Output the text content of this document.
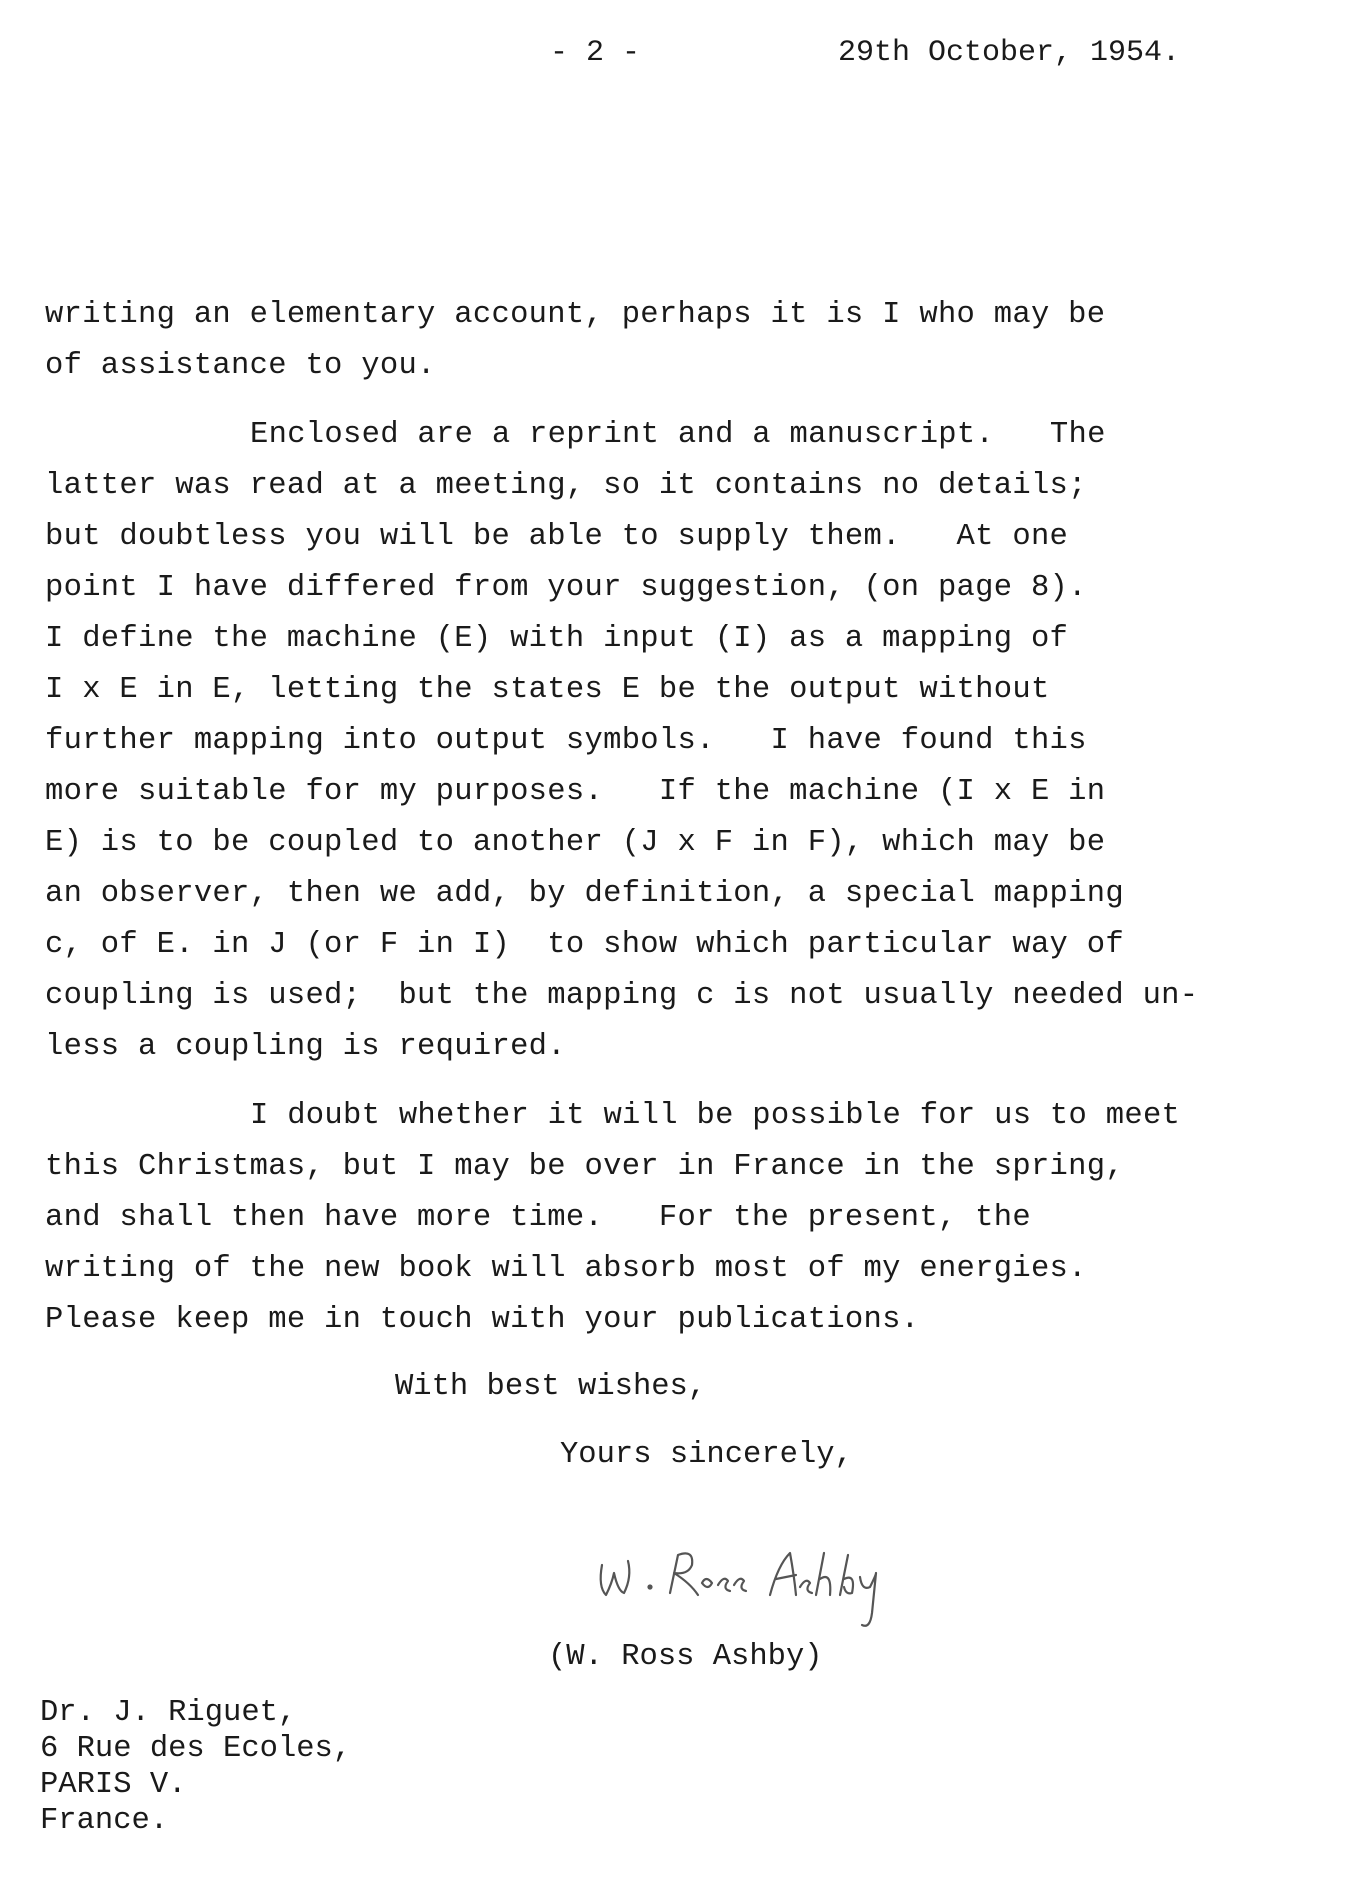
- 2 -	29th October, 1954.
writing an elementary account, perhaps it is I who may be
of assistance to you.
Enclosed are a reprint and a manuscript.   The
latter was read at a meeting, so it contains no details;
but doubtless you will be able to supply them.   At one
point I have differed from your suggestion, (on page 8).
I define the machine (E) with input (I) as a mapping of
I x E in E, letting the states E be the output without
further mapping into output symbols.   I have found this
more suitable for my purposes.   If the machine (I x E in
E) is to be coupled to another (J x F in F), which may be
an observer, then we add, by definition, a special mapping
c, of E. in J (or F in I)  to show which particular way of
coupling is used;  but the mapping c is not usually needed un-
less a coupling is required.
I doubt whether it will be possible for us to meet
this Christmas, but I may be over in France in the spring,
and shall then have more time.   For the present, the
writing of the new book will absorb most of my energies.
Please keep me in touch with your publications.
With best wishes,
Yours sincerely,
(W. Ross Ashby)
Dr. J. Riguet,
6 Rue des Ecoles,
PARIS V.
France.
